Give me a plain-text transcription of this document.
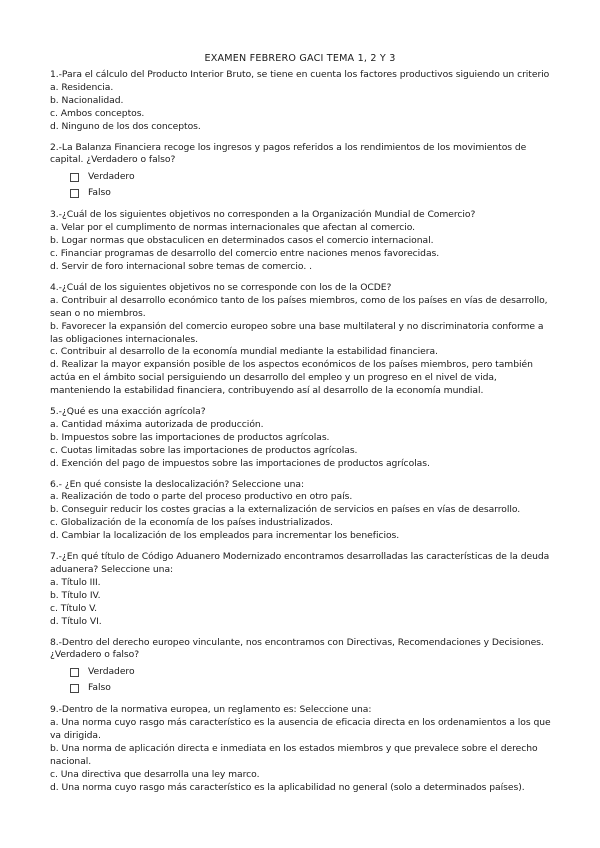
EXAMEN FEBRERO GACI TEMA 1, 2 Y 3

1.-Para el cálculo del Producto Interior Bruto, se tiene en cuenta los factores productivos siguiendo un criterio

a. Residencia.

b. Nacionalidad.

c. Ambos conceptos.

d. Ninguno de los dos conceptos.

2.-La Balanza Financiera recoge los ingresos y pagos referidos a los rendimientos de los movimientos de capital. ¿Verdadero o falso?

Verdadero
Falso

3.-¿Cuál de los siguientes objetivos no corresponden a la Organización Mundial de Comercio?

a. Velar por el cumplimento de normas internacionales que afectan al comercio.

b. Logar normas que obstaculicen en determinados casos el comercio internacional.

c. Financiar programas de desarrollo del comercio entre naciones menos favorecidas.

d. Servir de foro internacional sobre temas de comercio. .

4.-¿Cuál de los siguientes objetivos no se corresponde con los de la OCDE?

a. Contribuir al desarrollo económico tanto de los países miembros, como de los países en vías de desarrollo, sean o no miembros.

b. Favorecer la expansión del comercio europeo sobre una base multilateral y no discriminatoria conforme a las obligaciones internacionales.

c. Contribuir al desarrollo de la economía mundial mediante la estabilidad financiera.

d. Realizar la mayor expansión posible de los aspectos económicos de los países miembros, pero también actúa en el ámbito social persiguiendo un desarrollo del empleo y un progreso en el nivel de vida, manteniendo la estabilidad financiera, contribuyendo así al desarrollo de la economía mundial.

5.-¿Qué es una exacción agrícola?

a. Cantidad máxima autorizada de producción.

b. Impuestos sobre las importaciones de productos agrícolas.

c. Cuotas limitadas sobre las importaciones de productos agrícolas.

d. Exención del pago de impuestos sobre las importaciones de productos agrícolas.

6.- ¿En qué consiste la deslocalización? Seleccione una:

a. Realización de todo o parte del proceso productivo en otro país.

b. Conseguir reducir los costes gracias a la externalización de servicios en países en vías de desarrollo.

c. Globalización de la economía de los países industrializados.

d. Cambiar la localización de los empleados para incrementar los beneficios.

7.-¿En qué título de Código Aduanero Modernizado encontramos desarrolladas las características de la deuda aduanera? Seleccione una:

a. Título III.

b. Título IV.

c. Título V.

d. Título VI.

8.-Dentro del derecho europeo vinculante, nos encontramos con Directivas, Recomendaciones y Decisiones. ¿Verdadero o falso?

Verdadero
Falso

9.-Dentro de la normativa europea, un reglamento es: Seleccione una:

a. Una norma cuyo rasgo más característico es la ausencia de eficacia directa en los ordenamientos a los que va dirigida.

b. Una norma de aplicación directa e inmediata en los estados miembros y que prevalece sobre el derecho nacional.

c. Una directiva que desarrolla una ley marco.

d. Una norma cuyo rasgo más característico es la aplicabilidad no general (solo a determinados países).
